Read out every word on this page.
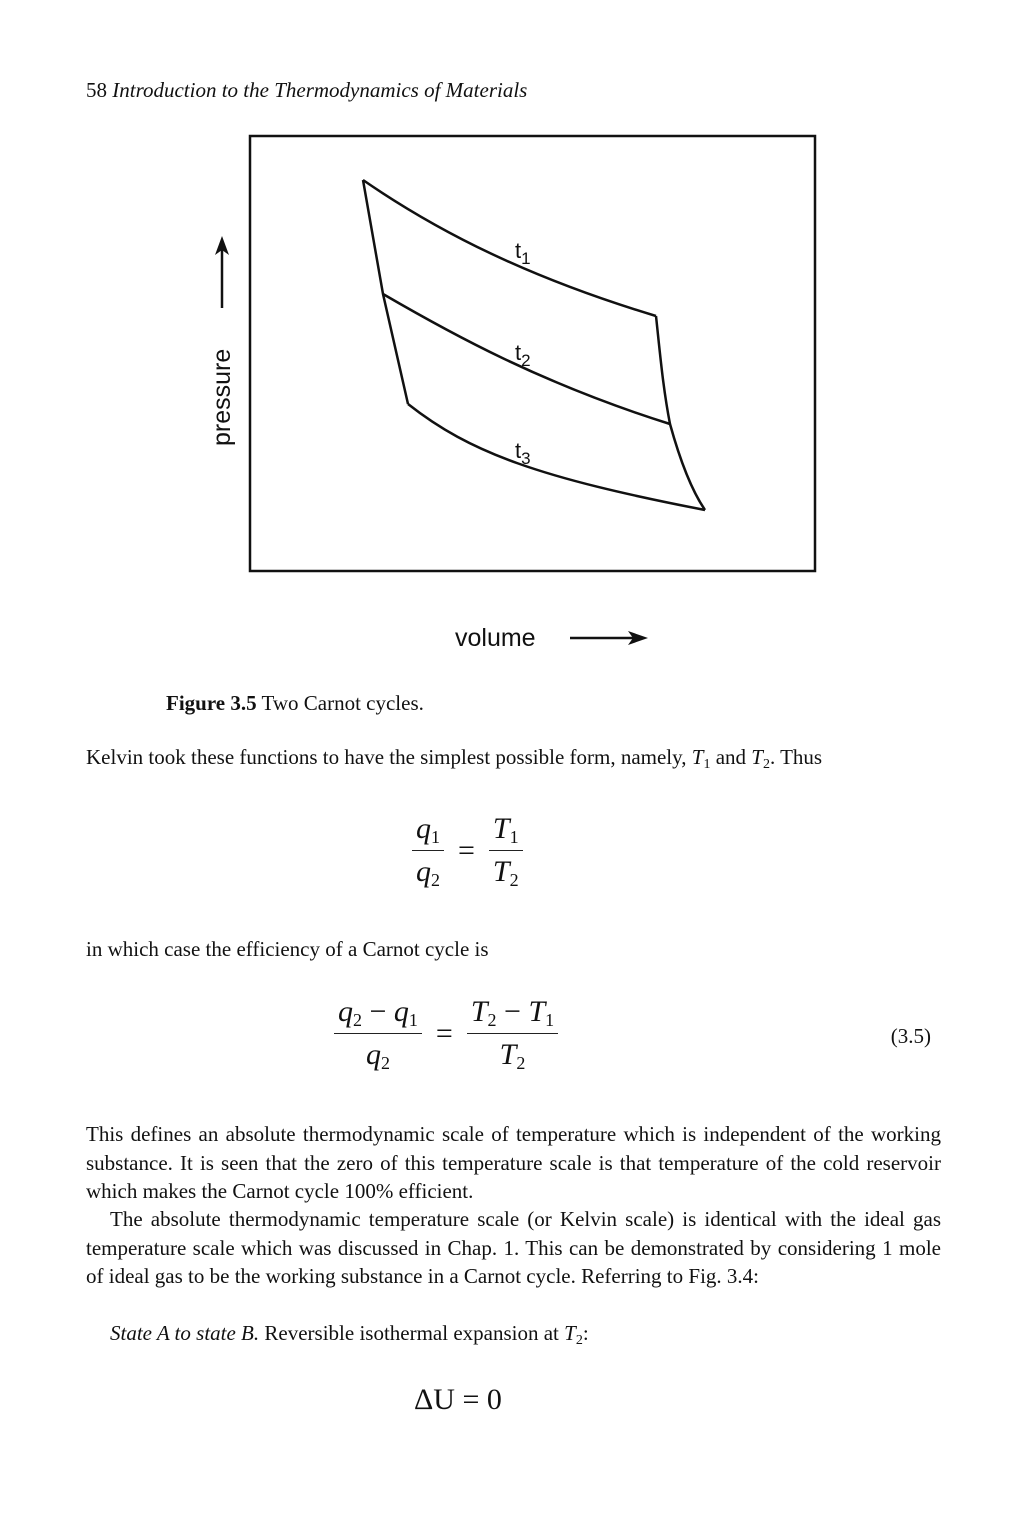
58 Introduction to the Thermodynamics of Materials
$t_1$
$t_2$
$t_3$
pressure
volume
Figure 3.5 Two Carnot cycles.
Kelvin took these functions to have the simplest possible form, namely, $T_1$ and $T_2$. Thus
$\frac{q_1}{q_2} = \frac{T_1}{T_2}$
in which case the efficiency of a Carnot cycle is
$\frac{q_2 - q_1}{q_2} = \frac{T_2 - T_1}{T_2}$	(3.5)
This defines an absolute thermodynamic scale of temperature which is independent of the working substance. It is seen that the zero of this temperature scale is that temperature of the cold reservoir which makes the Carnot cycle 100% efficient.
The absolute thermodynamic temperature scale (or Kelvin scale) is identical with the ideal gas temperature scale which was discussed in Chap. 1. This can be demonstrated by considering 1 mole of ideal gas to be the working substance in a Carnot cycle. Referring to Fig. 3.4:
State A to state B. Reversible isothermal expansion at $T_2$:
ΔU = 0
